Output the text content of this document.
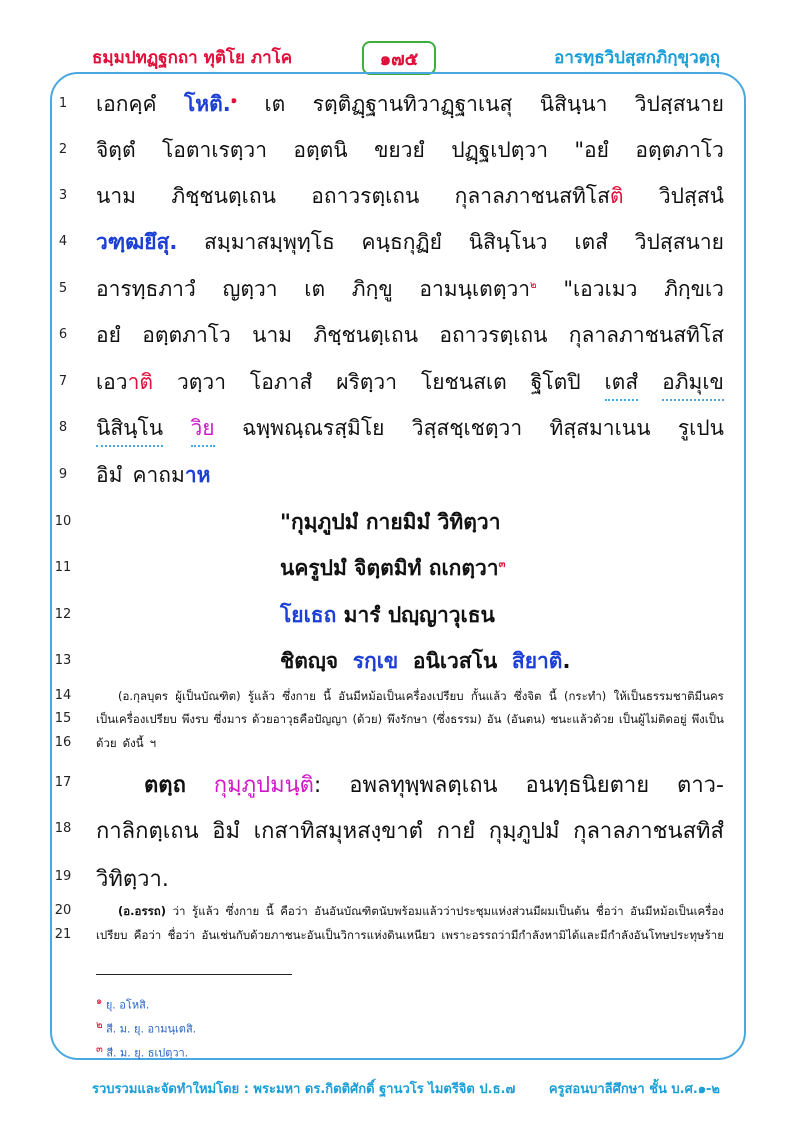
ธมฺมปทฏฺฐกถา ทุติโย ภาโค	๑๗๕	อารทฺธวิปสฺสกภิกฺขุวตฺถุ
1
2
3
4
5
6
7
8
9
10
11
12
13
14
15
16
17
18
19
20
21
เอกคฺคํ โหติ.$^๑$ เต รตฺติฏฺฐานทิวาฏฺฐาเนสุ นิสินฺนา วิปสฺสนาย
จิตฺตํ โอตาเรตฺวา อตฺตนิ ขยวยํ ปฏฺฐเปตฺวา "อยํ อตฺตภาโว
นาม ภิชฺชนตฺเถน อถาวรตฺเถน กุลาลภาชนสทิโสติ วิปสฺสนํ
วฑฺฒยึสุ. สมฺมาสมฺพุทฺโธ คนฺธกุฏิยํ นิสินฺโนว เตสํ วิปสฺสนาย
อารทฺธภาวํ ญตฺวา เต ภิกฺขู อามนฺเตตฺวา$^๒$ "เอวเมว ภิกฺขเว
อยํ อตฺตภาโว นาม ภิชฺชนตฺเถน อถาวรตฺเถน กุลาลภาชนสทิโส
เอวาติ วตฺวา โอภาสํ ผริตฺวา โยชนสเต ฐิโตปิ เตสํ อภิมุเข
นิสินฺโน วิย ฉพฺพณฺณรสฺมิโย วิสฺสชฺเชตฺวา ทิสฺสมาเนน รูเปน
อิมํ คาถมาห
"กุมฺภูปมํ กายมิมํ วิทิตฺวา
นครูปมํ จิตฺตมิทํ ถเกตฺวา$^๓$
โยเธถ มารํ ปญฺญาวุเธน
ชิตญฺจ รกฺเข อนิเวสโน สิยาติ.
(อ.กุลบุตร ผู้เป็นบัณฑิต) รู้แล้ว ซึ่งกาย นี้ อันมีหม้อเป็นเครื่องเปรียบ กั้นแล้ว ซึ่งจิต นี้ (กระทำ) ให้เป็นธรรมชาติมีนคร
เป็นเครื่องเปรียบ พึงรบ ซึ่งมาร ด้วยอาวุธคือปัญญา (ด้วย) พึงรักษา (ซึ่งธรรม) อัน (อันตน) ชนะแล้วด้วย เป็นผู้ไม่ติดอยู่ พึงเป็น
ด้วย ดังนี้ ฯ
ตตฺถ กุมฺภูปมนฺติ: อพลทุพฺพลตฺเถน อนทฺธนิยตาย ตาว-
กาลิกตฺเถน อิมํ เกสาทิสมุหสงฺขาตํ กายํ กุมฺภูปมํ กุลาลภาชนสทิสํ
วิทิตฺวา.
(อ.อรรถ) ว่า รู้แล้ว ซึ่งกาย นี้ คือว่า อันอันบัณฑิตนับพร้อมแล้วว่าประชุมแห่งส่วนมีผมเป็นต้น ชื่อว่า อันมีหม้อเป็นเครื่อง
เปรียบ คือว่า ชื่อว่า อันเช่นกับด้วยภาชนะอันเป็นวิการแห่งดินเหนียว เพราะอรรถว่ามีกำลังหามิได้และมีกำลังอันโทษประทุษร้าย
$^๑$ ยุ. อโหสิ.
$^๒$ สี. ม. ยุ. อามนฺเตสิ.
$^๓$ สี. ม. ยุ. ธเปตฺวา.
รวบรวมและจัดทำใหม่โดย : พระมหา ดร.กิตติศักดิ์ ฐานวโร ไมตรีจิต ป.ธ.๗	ครูสอนบาลีศึกษา ชั้น บ.ศ.๑-๒
